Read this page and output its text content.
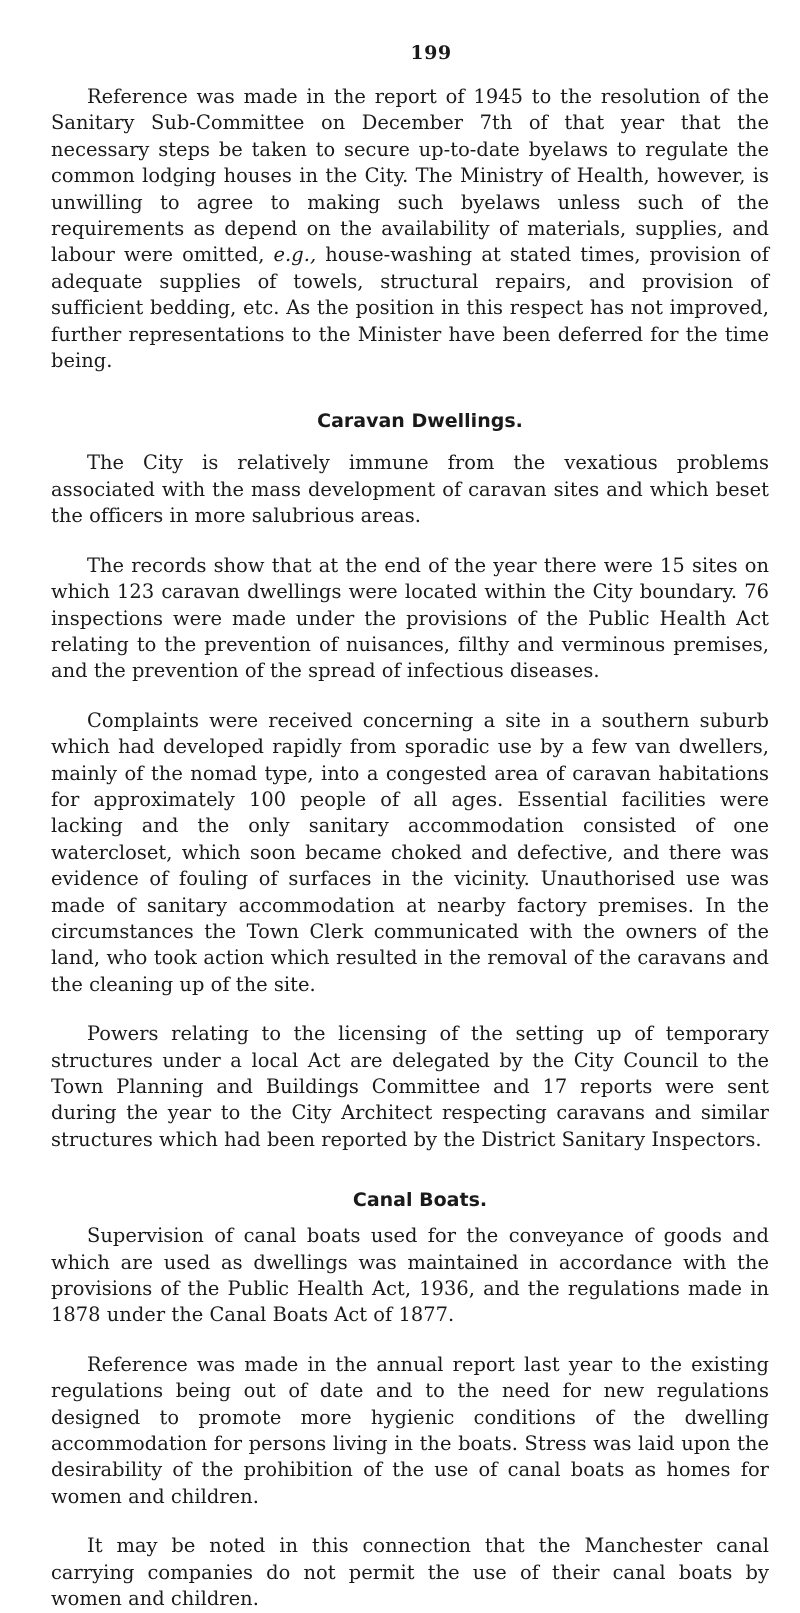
199

Reference was made in the report of 1945 to the resolution of the Sanitary Sub-Committee on December 7th of that year that the necessary steps be taken to secure up-to-date byelaws to regulate the common lodging houses in the City. The Ministry of Health, however, is unwilling to agree to making such byelaws unless such of the requirements as depend on the availability of materials, supplies, and labour were omitted, e.g., house-washing at stated times, provision of adequate supplies of towels, structural repairs, and provision of sufficient bedding, etc. As the position in this respect has not improved, further representations to the Minister have been deferred for the time being.

Caravan Dwellings.

The City is relatively immune from the vexatious problems associated with the mass development of caravan sites and which beset the officers in more salubrious areas.

The records show that at the end of the year there were 15 sites on which 123 caravan dwellings were located within the City boundary. 76 inspections were made under the provisions of the Public Health Act relating to the prevention of nuisances, filthy and verminous premises, and the prevention of the spread of infectious diseases.

Complaints were received concerning a site in a southern suburb which had developed rapidly from sporadic use by a few van dwellers, mainly of the nomad type, into a congested area of caravan habitations for approximately 100 people of all ages. Essential facilities were lacking and the only sanitary accommodation consisted of one watercloset, which soon became choked and defective, and there was evidence of fouling of surfaces in the vicinity. Unauthorised use was made of sanitary accommodation at nearby factory premises. In the circumstances the Town Clerk communicated with the owners of the land, who took action which resulted in the removal of the caravans and the cleaning up of the site.

Powers relating to the licensing of the setting up of temporary structures under a local Act are delegated by the City Council to the Town Planning and Buildings Committee and 17 reports were sent during the year to the City Architect respecting caravans and similar structures which had been reported by the District Sanitary Inspectors.

Canal Boats.

Supervision of canal boats used for the conveyance of goods and which are used as dwellings was maintained in accordance with the provisions of the Public Health Act, 1936, and the regulations made in 1878 under the Canal Boats Act of 1877.

Reference was made in the annual report last year to the existing regulations being out of date and to the need for new regulations designed to promote more hygienic conditions of the dwelling accommodation for persons living in the boats. Stress was laid upon the desirability of the prohibition of the use of canal boats as homes for women and children.

It may be noted in this connection that the Manchester canal carrying companies do not permit the use of their canal boats by women and children.
